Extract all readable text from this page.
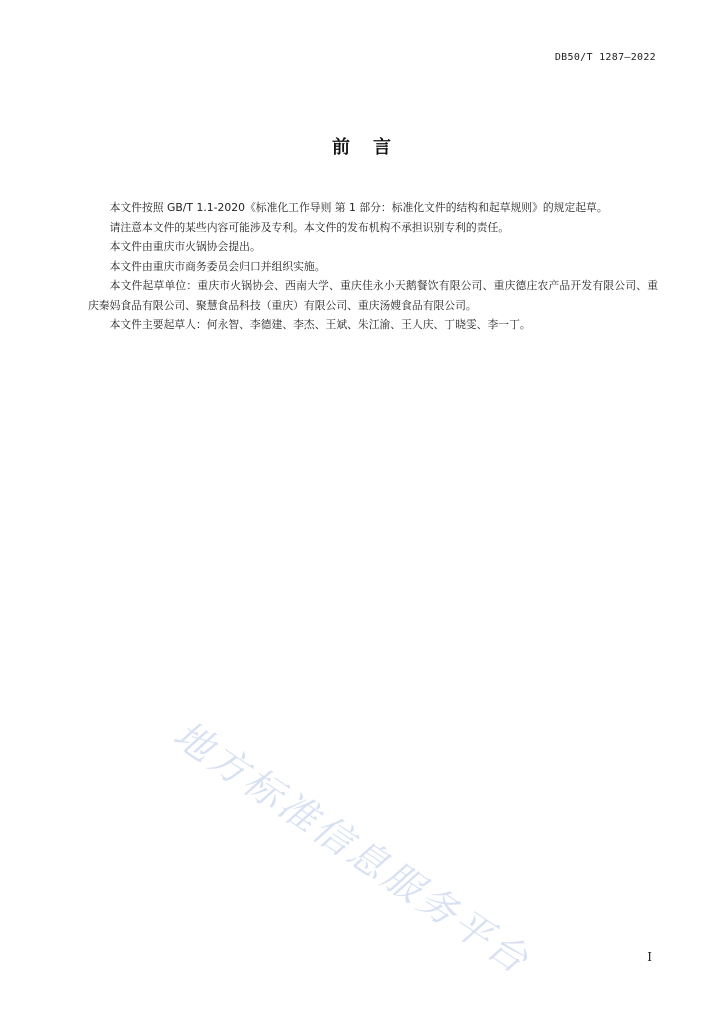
DB50/T 1287—2022
前 言

本文件按照 GB/T 1.1-2020《标准化工作导则 第 1 部分：标准化文件的结构和起草规则》的规定起草。

请注意本文件的某些内容可能涉及专利。本文件的发布机构不承担识别专利的责任。

本文件由重庆市火锅协会提出。

本文件由重庆市商务委员会归口并组织实施。

本文件起草单位：重庆市火锅协会、西南大学、重庆佳永小天鹅餐饮有限公司、重庆德庄农产品开发有限公司、重庆秦妈食品有限公司、聚慧食品科技（重庆）有限公司、重庆汤嫂食品有限公司。

本文件主要起草人：何永智、李德建、李杰、王斌、朱江渝、王人庆、丁晓雯、李一丁。

地方标准信息服务平台	I
